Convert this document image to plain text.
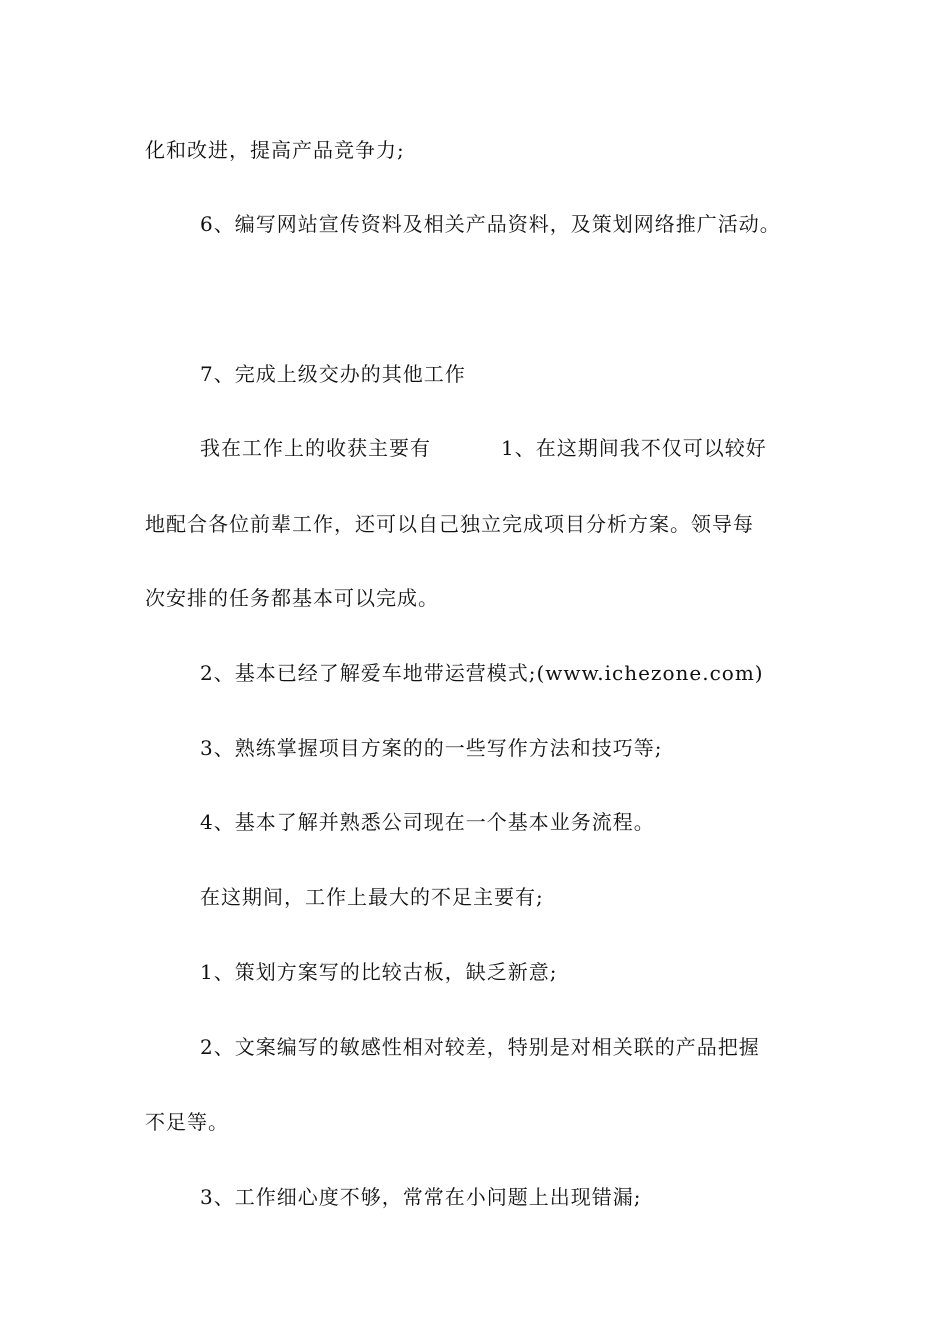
化和改进，提高产品竞争力;
6、编写网站宣传资料及相关产品资料，及策划网络推广活动。
7、完成上级交办的其他工作
我在工作上的收获主要有	1、在这期间我不仅可以较好
地配合各位前辈工作，还可以自己独立完成项目分析方案。领导每
次安排的任务都基本可以完成。
2、基本已经了解爱车地带运营模式;(www.ichezone.com)
3、熟练掌握项目方案的的一些写作方法和技巧等;
4、基本了解并熟悉公司现在一个基本业务流程。
在这期间，工作上最大的不足主要有;
1、策划方案写的比较古板，缺乏新意;
2、文案编写的敏感性相对较差，特别是对相关联的产品把握
不足等。
3、工作细心度不够，常常在小问题上出现错漏;
